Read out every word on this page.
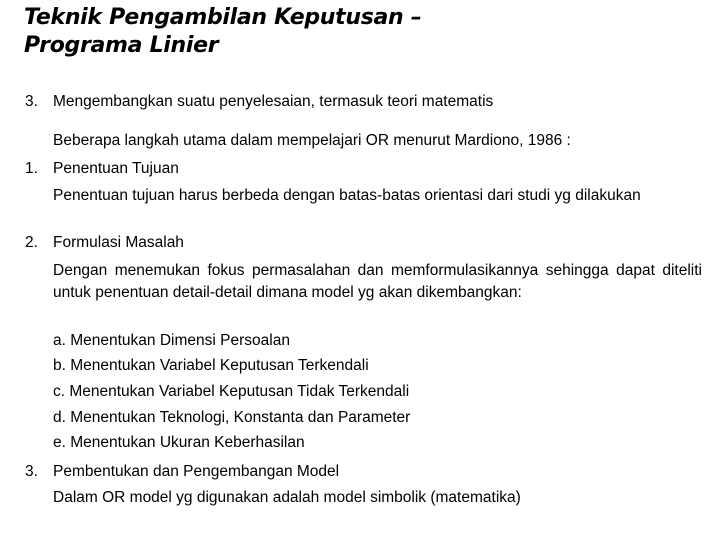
Teknik Pengambilan Keputusan –
Programa Linier
3. Mengembangkan suatu penyelesaian, termasuk teori matematis
Beberapa langkah utama dalam mempelajari OR menurut Mardiono, 1986 :
1. Penentuan Tujuan
Penentuan tujuan harus berbeda dengan batas-batas orientasi dari studi yg dilakukan
2. Formulasi Masalah
Dengan menemukan fokus permasalahan dan memformulasikannya sehingga dapat diteliti untuk penentuan detail-detail dimana model yg akan dikembangkan:
a. Menentukan Dimensi Persoalan
b. Menentukan Variabel Keputusan Terkendali
c. Menentukan Variabel Keputusan Tidak Terkendali
d. Menentukan Teknologi, Konstanta dan Parameter
e. Menentukan Ukuran Keberhasilan
3. Pembentukan dan Pengembangan Model
Dalam OR model yg digunakan adalah model simbolik (matematika)
